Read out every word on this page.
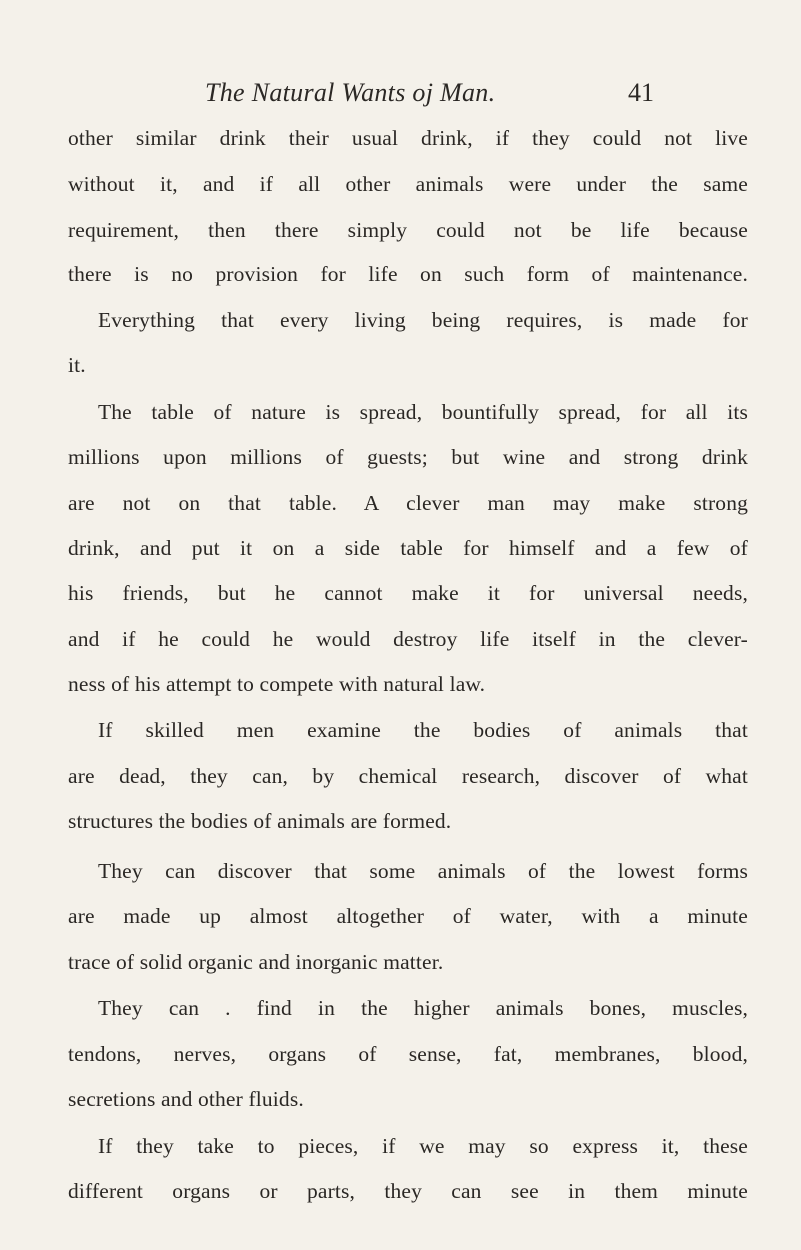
The Natural Wants oj Man.	41
other similar drink their usual drink, if they could not live
without it, and if all other animals were under the same
requirement, then there simply could not be life because
there is no provision for life on such form of maintenance.
Everything that every living being requires, is made for
it.
The table of nature is spread, bountifully spread, for all its
millions upon millions of guests; but wine and strong drink
are not on that table. A clever man may make strong
drink, and put it on a side table for himself and a few of
his friends, but he cannot make it for universal needs,
and if he could he would destroy life itself in the clever-
ness of his attempt to compete with natural law.
If skilled men examine the bodies of animals that
are dead, they can, by chemical research, discover of what
structures the bodies of animals are formed.
They can discover that some animals of the lowest forms
are made up almost altogether of water, with a minute
trace of solid organic and inorganic matter.
They can . find in the higher animals bones, muscles,
tendons, nerves, organs of sense, fat, membranes, blood,
secretions and other fluids.
If they take to pieces, if we may so express it, these
different organs or parts, they can see in them minute
